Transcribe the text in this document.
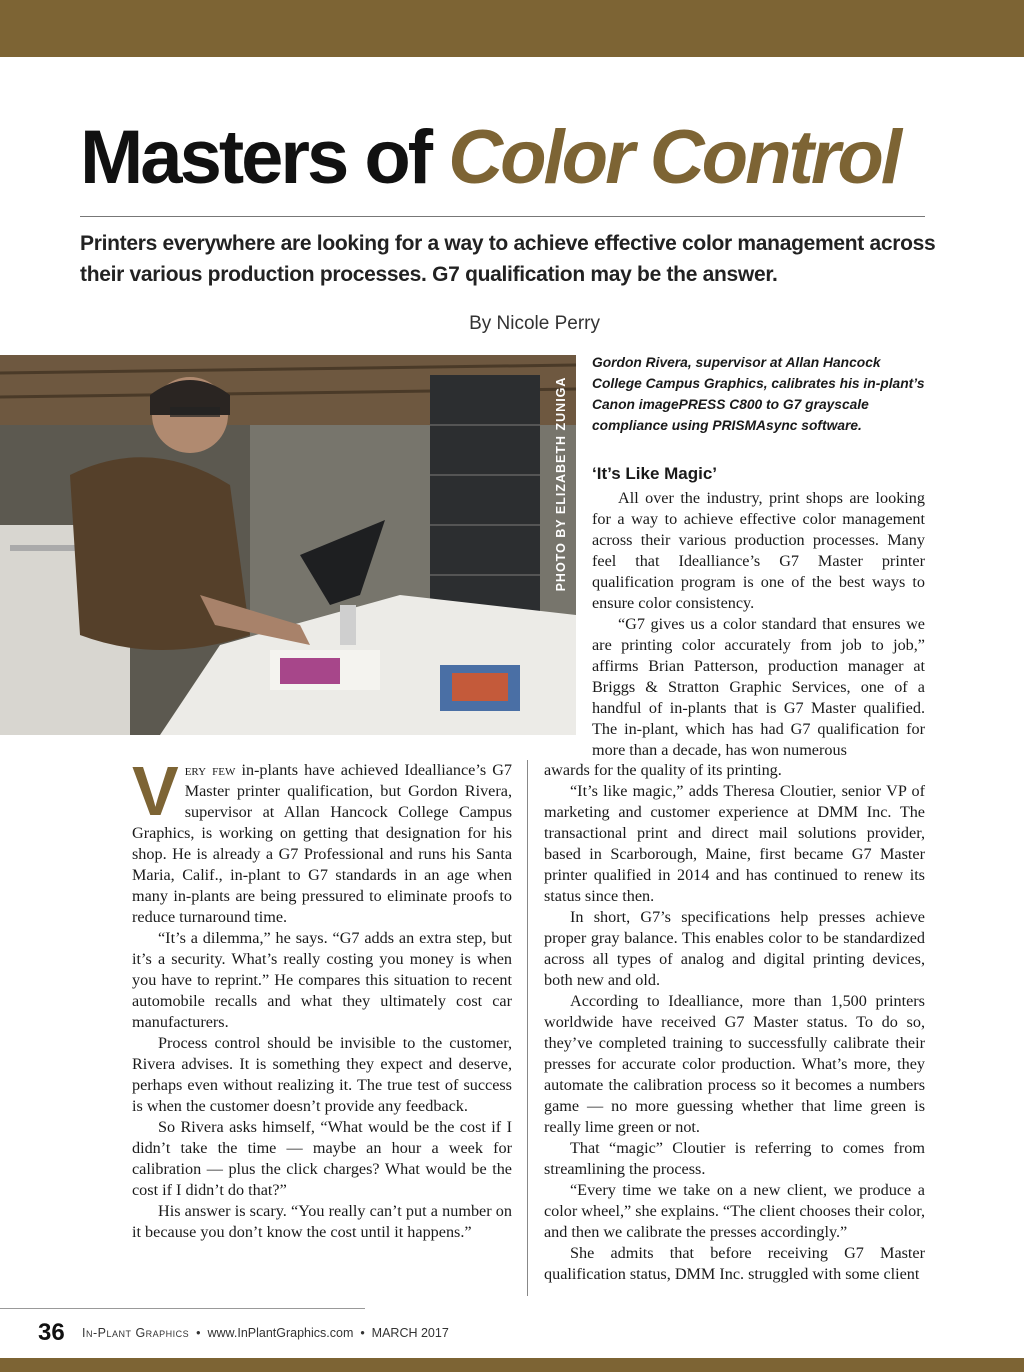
Masters of Color Control

Printers everywhere are looking for a way to achieve effective color management across their various production processes. G7 qualification may be the answer.

By Nicole Perry
PHOTO BY ELIZABETH ZUNIGA

Gordon Rivera, supervisor at Allan Hancock College Campus Graphics, calibrates his in-plant’s Canon imagePRESS C800 to G7 grayscale compliance using PRISMAsync software.

Very few in-plants have achieved Idealliance’s G7 Master printer qualification, but Gordon Rivera, supervisor at Allan Hancock College Campus Graphics, is working on getting that designation for his shop. He is already a G7 Professional and runs his Santa Maria, Calif., in-plant to G7 standards in an age when many in-plants are being pressured to eliminate proofs to reduce turnaround time.

“It’s a dilemma,” he says. “G7 adds an extra step, but it’s a security. What’s really costing you money is when you have to reprint.” He compares this situation to recent automobile recalls and what they ultimately cost car manufacturers.

Process control should be invisible to the customer, Rivera advises. It is something they expect and deserve, perhaps even without realizing it. The true test of success is when the customer doesn’t provide any feedback.

So Rivera asks himself, “What would be the cost if I didn’t take the time — maybe an hour a week for calibration — plus the click charges? What would be the cost if I didn’t do that?”

His answer is scary. “You really can’t put a number on it because you don’t know the cost until it happens.”

‘It’s Like Magic’

All over the industry, print shops are looking for a way to achieve effective color management across their various production processes. Many feel that Idealliance’s G7 Master printer qualification program is one of the best ways to ensure color consistency.

“G7 gives us a color standard that ensures we are printing color accurately from job to job,” affirms Brian Patterson, production manager at Briggs & Stratton Graphic Services, one of a handful of in-plants that is G7 Master qualified. The in-plant, which has had G7 qualification for more than a decade, has won numerous

awards for the quality of its printing.

“It’s like magic,” adds Theresa Cloutier, senior VP of marketing and customer experience at DMM Inc. The transactional print and direct mail solutions provider, based in Scarborough, Maine, first became G7 Master printer qualified in 2014 and has continued to renew its status since then.

In short, G7’s specifications help presses achieve proper gray balance. This enables color to be standardized across all types of analog and digital printing devices, both new and old.

According to Idealliance, more than 1,500 printers worldwide have received G7 Master status. To do so, they’ve completed training to successfully calibrate their presses for accurate color production. What’s more, they automate the calibration process so it becomes a numbers game — no more guessing whether that lime green is really lime green or not.

That “magic” Cloutier is referring to comes from streamlining the process.

“Every time we take on a new client, we produce a color wheel,” she explains. “The client chooses their color, and then we calibrate the presses accordingly.”

She admits that before receiving G7 Master qualification status, DMM Inc. struggled with some client

36 In-Plant Graphics • www.InPlantGraphics.com • MARCH 2017
